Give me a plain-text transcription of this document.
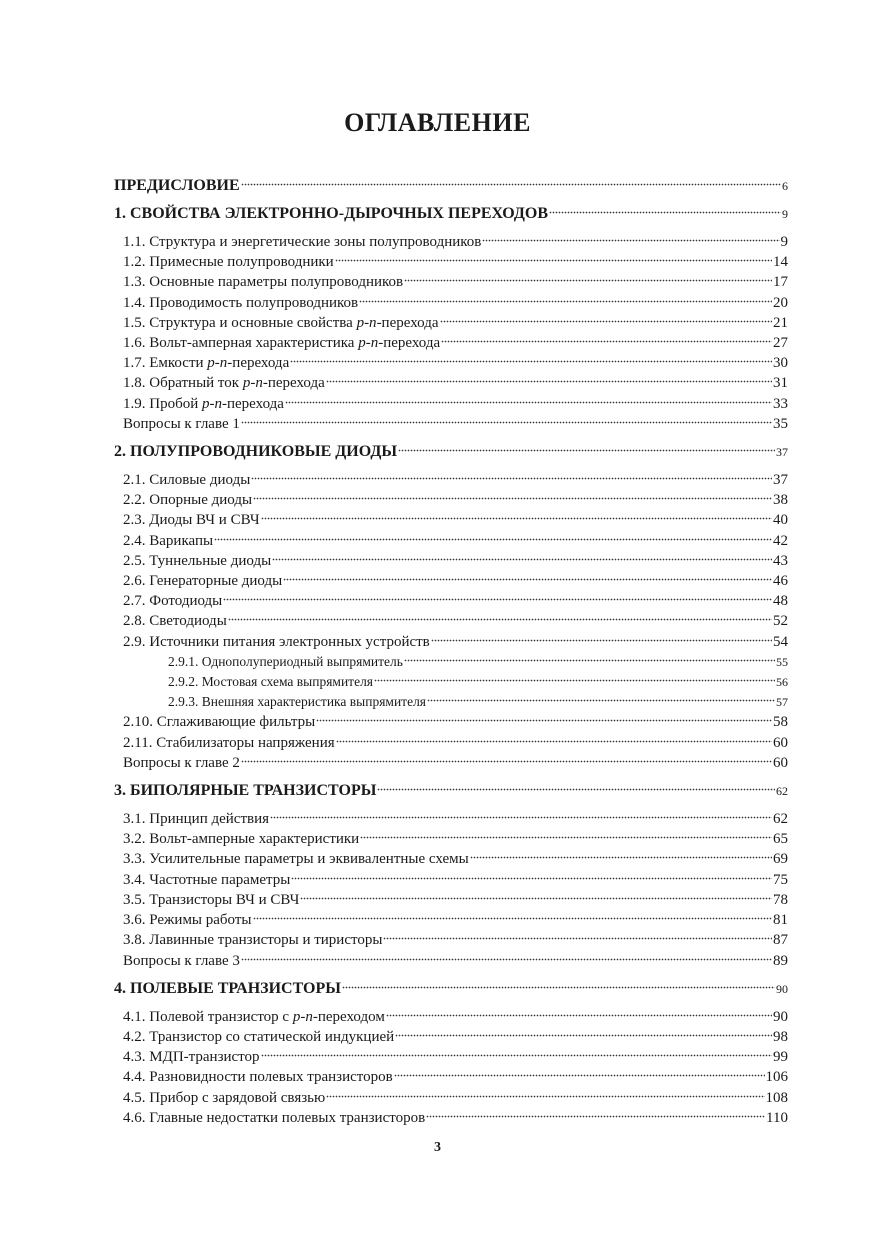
ОГЛАВЛЕНИЕ
ПРЕДИСЛОВИЕ	6
1. СВОЙСТВА ЭЛЕКТРОННО-ДЫРОЧНЫХ ПЕРЕХОДОВ	9
1.1. Структура и энергетические зоны полупроводников	9
1.2. Примесные полупроводники	14
1.3. Основные параметры полупроводников	17
1.4. Проводимость полупроводников	20
1.5. Структура и основные свойства p-n-перехода	21
1.6. Вольт-амперная характеристика p-n-перехода	27
1.7. Емкости p-n-перехода	30
1.8. Обратный ток p-n-перехода	31
1.9. Пробой p-n-перехода	33
Вопросы к главе 1	35
2. ПОЛУПРОВОДНИКОВЫЕ ДИОДЫ	37
2.1. Силовые диоды	37
2.2. Опорные диоды	38
2.3. Диоды ВЧ и СВЧ	40
2.4. Варикапы	42
2.5. Туннельные диоды	43
2.6. Генераторные диоды	46
2.7. Фотодиоды	48
2.8. Светодиоды	52
2.9. Источники питания электронных устройств	54
2.9.1. Однополупериодный выпрямитель	55
2.9.2. Мостовая схема выпрямителя	56
2.9.3. Внешняя характеристика выпрямителя	57
2.10. Сглаживающие фильтры	58
2.11. Стабилизаторы напряжения	60
Вопросы к главе 2	60
3. БИПОЛЯРНЫЕ ТРАНЗИСТОРЫ	62
3.1. Принцип действия	62
3.2. Вольт-амперные характеристики	65
3.3. Усилительные параметры и эквивалентные схемы	69
3.4. Частотные параметры	75
3.5. Транзисторы ВЧ и СВЧ	78
3.6. Режимы работы	81
3.8. Лавинные транзисторы и тиристоры	87
Вопросы к главе 3	89
4. ПОЛЕВЫЕ ТРАНЗИСТОРЫ	90
4.1. Полевой транзистор с p-n-переходом	90
4.2. Транзистор со статической индукцией	98
4.3. МДП-транзистор	99
4.4. Разновидности полевых транзисторов	106
4.5. Прибор с зарядовой связью	108
4.6. Главные недостатки полевых транзисторов	110
3
